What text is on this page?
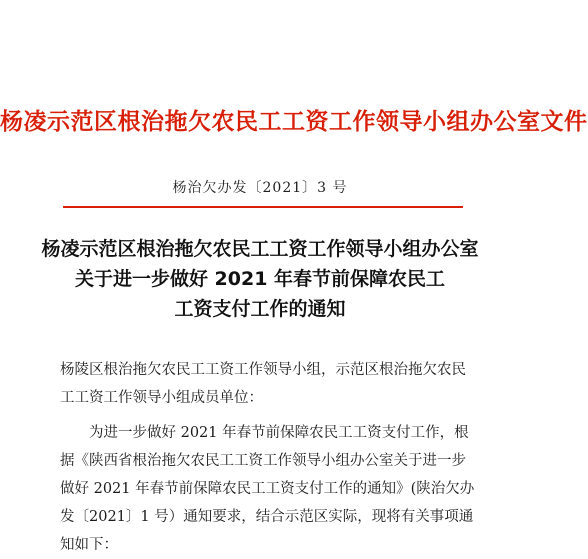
杨凌示范区根治拖欠农民工工资工作领导小组办公室文件
杨治欠办发〔2021〕3 号
杨凌示范区根治拖欠农民工工资工作领导小组办公室
关于进一步做好 2021 年春节前保障农民工
工资支付工作的通知
杨陵区根治拖欠农民工工资工作领导小组，示范区根治拖欠农民
工工资工作领导小组成员单位：
为进一步做好 2021 年春节前保障农民工工资支付工作，根
据《陕西省根治拖欠农民工工资工作领导小组办公室关于进一步
做好 2021 年春节前保障农民工工资支付工作的通知》(陕治欠办
发〔2021〕1 号）通知要求，结合示范区实际，现将有关事项通
知如下：
